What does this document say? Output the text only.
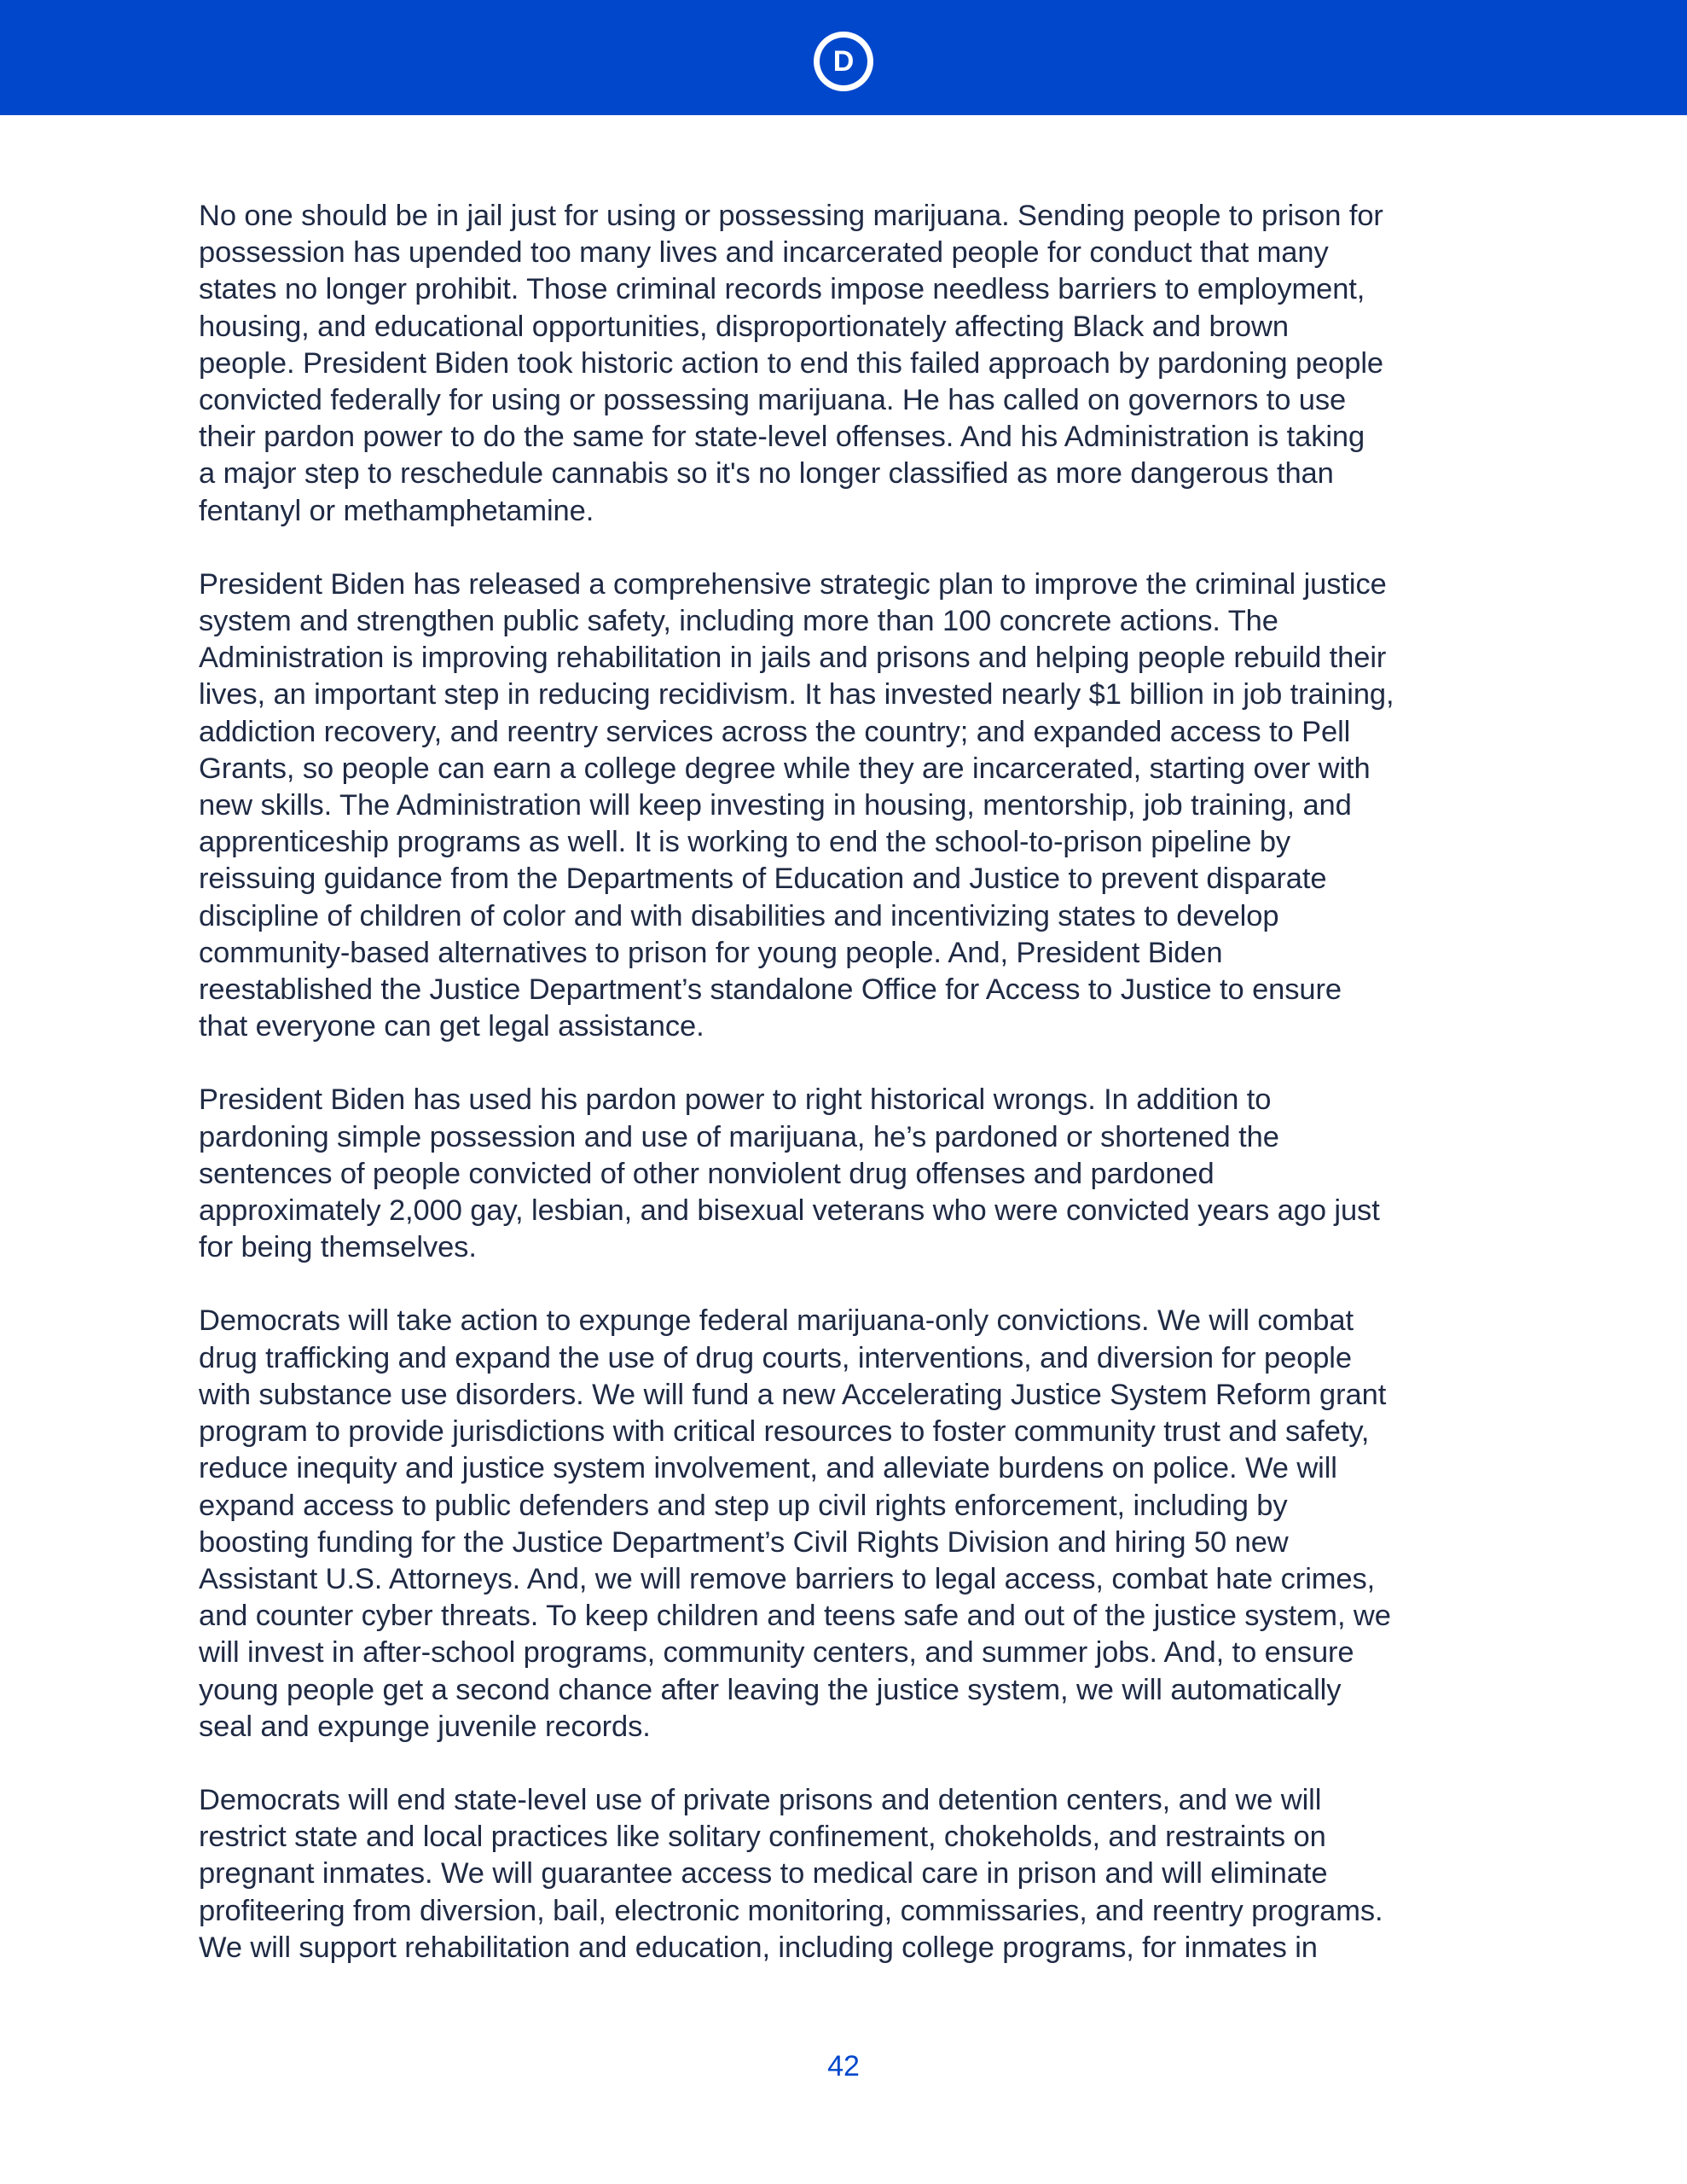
D

No one should be in jail just for using or possessing marijuana. Sending people to prison for
possession has upended too many lives and incarcerated people for conduct that many
states no longer prohibit. Those criminal records impose needless barriers to employment,
housing, and educational opportunities, disproportionately affecting Black and brown
people. President Biden took historic action to end this failed approach by pardoning people
convicted federally for using or possessing marijuana. He has called on governors to use
their pardon power to do the same for state-level offenses. And his Administration is taking
a major step to reschedule cannabis so it's no longer classified as more dangerous than
fentanyl or methamphetamine.

President Biden has released a comprehensive strategic plan to improve the criminal justice
system and strengthen public safety, including more than 100 concrete actions. The
Administration is improving rehabilitation in jails and prisons and helping people rebuild their
lives, an important step in reducing recidivism. It has invested nearly $1 billion in job training,
addiction recovery, and reentry services across the country; and expanded access to Pell
Grants, so people can earn a college degree while they are incarcerated, starting over with
new skills. The Administration will keep investing in housing, mentorship, job training, and
apprenticeship programs as well. It is working to end the school-to-prison pipeline by
reissuing guidance from the Departments of Education and Justice to prevent disparate
discipline of children of color and with disabilities and incentivizing states to develop
community-based alternatives to prison for young people. And, President Biden
reestablished the Justice Department’s standalone Office for Access to Justice to ensure
that everyone can get legal assistance.

President Biden has used his pardon power to right historical wrongs. In addition to
pardoning simple possession and use of marijuana, he’s pardoned or shortened the
sentences of people convicted of other nonviolent drug offenses and pardoned
approximately 2,000 gay, lesbian, and bisexual veterans who were convicted years ago just
for being themselves.

Democrats will take action to expunge federal marijuana-only convictions. We will combat
drug trafficking and expand the use of drug courts, interventions, and diversion for people
with substance use disorders. We will fund a new Accelerating Justice System Reform grant
program to provide jurisdictions with critical resources to foster community trust and safety,
reduce inequity and justice system involvement, and alleviate burdens on police. We will
expand access to public defenders and step up civil rights enforcement, including by
boosting funding for the Justice Department’s Civil Rights Division and hiring 50 new
Assistant U.S. Attorneys. And, we will remove barriers to legal access, combat hate crimes,
and counter cyber threats. To keep children and teens safe and out of the justice system, we
will invest in after-school programs, community centers, and summer jobs. And, to ensure
young people get a second chance after leaving the justice system, we will automatically
seal and expunge juvenile records.

Democrats will end state-level use of private prisons and detention centers, and we will
restrict state and local practices like solitary confinement, chokeholds, and restraints on
pregnant inmates. We will guarantee access to medical care in prison and will eliminate
profiteering from diversion, bail, electronic monitoring, commissaries, and reentry programs.
We will support rehabilitation and education, including college programs, for inmates in

42
